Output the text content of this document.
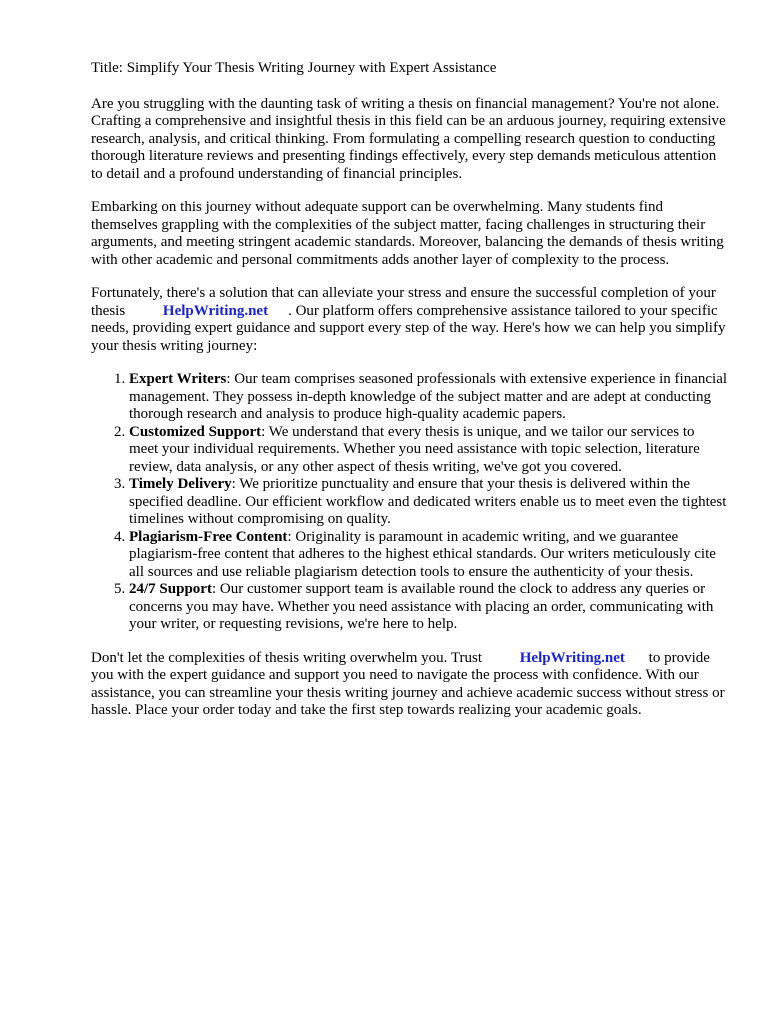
Title: Simplify Your Thesis Writing Journey with Expert Assistance

Are you struggling with the daunting task of writing a thesis on financial management? You're not alone. Crafting a comprehensive and insightful thesis in this field can be an arduous journey, requiring extensive research, analysis, and critical thinking. From formulating a compelling research question to conducting thorough literature reviews and presenting findings effectively, every step demands meticulous attention to detail and a profound understanding of financial principles.

Embarking on this journey without adequate support can be overwhelming. Many students find themselves grappling with the complexities of the subject matter, facing challenges in structuring their arguments, and meeting stringent academic standards. Moreover, balancing the demands of thesis writing with other academic and personal commitments adds another layer of complexity to the process.

Fortunately, there's a solution that can alleviate your stress and ensure the successful completion of your thesis	HelpWriting.net . Our platform offers comprehensive assistance tailored to your specific needs, providing expert guidance and support every step of the way. Here's how we can help you simplify your thesis writing journey:

1. Expert Writers: Our team comprises seasoned professionals with extensive experience in financial management. They possess in-depth knowledge of the subject matter and are adept at conducting thorough research and analysis to produce high-quality academic papers.
2. Customized Support: We understand that every thesis is unique, and we tailor our services to meet your individual requirements. Whether you need assistance with topic selection, literature review, data analysis, or any other aspect of thesis writing, we've got you covered.
3. Timely Delivery: We prioritize punctuality and ensure that your thesis is delivered within the specified deadline. Our efficient workflow and dedicated writers enable us to meet even the tightest timelines without compromising on quality.
4. Plagiarism-Free Content: Originality is paramount in academic writing, and we guarantee plagiarism-free content that adheres to the highest ethical standards. Our writers meticulously cite all sources and use reliable plagiarism detection tools to ensure the authenticity of your thesis.
5. 24/7 Support: Our customer support team is available round the clock to address any queries or concerns you may have. Whether you need assistance with placing an order, communicating with your writer, or requesting revisions, we're here to help.

Don't let the complexities of thesis writing overwhelm you. Trust	HelpWriting.net to provide you with the expert guidance and support you need to navigate the process with confidence. With our assistance, you can streamline your thesis writing journey and achieve academic success without stress or hassle. Place your order today and take the first step towards realizing your academic goals.
